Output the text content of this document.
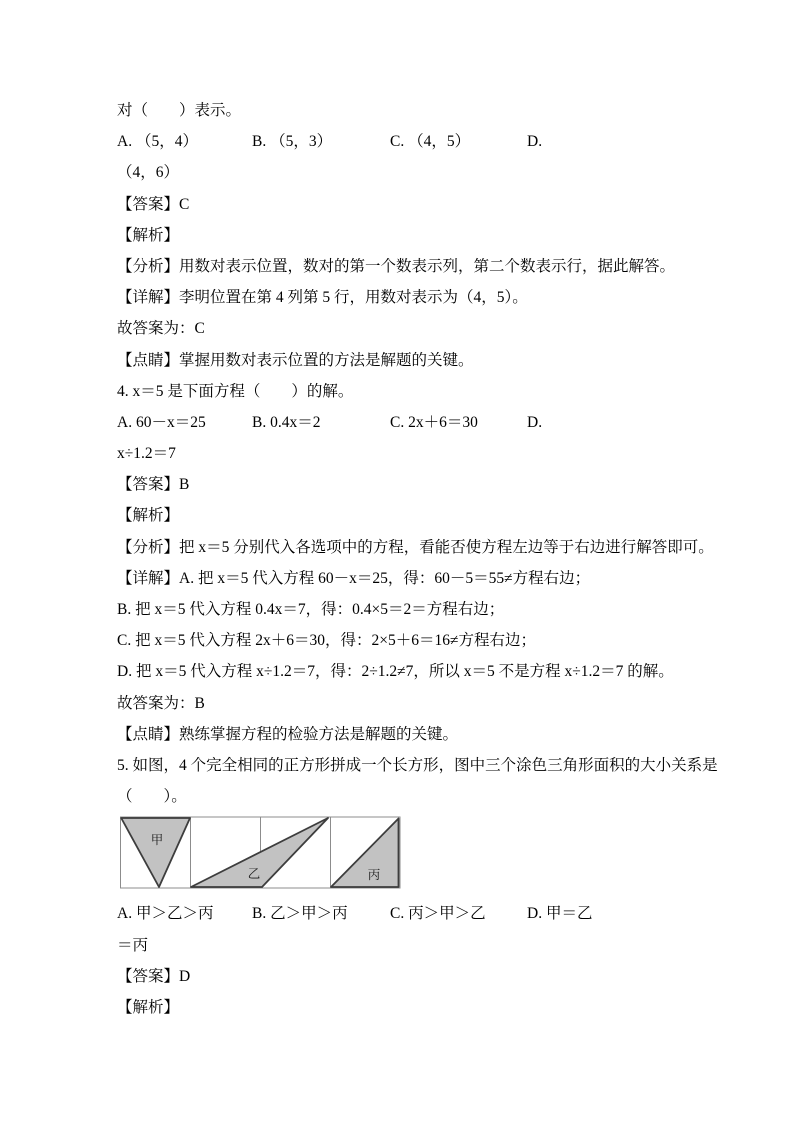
对（　　）表示。

A. （5，4）

	B. （5，3）

	C. （4，5）

	D.

（4，6）
【答案】C
【解析】
【分析】用数对表示位置，数对的第一个数表示列，第二个数表示行，据此解答。
【详解】李明位置在第 4 列第 5 行，用数对表示为（4，5）。
故答案为：C
【点睛】掌握用数对表示位置的方法是解题的关键。
4. x＝5 是下面方程（　　）的解。

A. 60－x＝25

	B. 0.4x＝2

	C. 2x＋6＝30

	D.

x÷1.2＝7
【答案】B
【解析】
【分析】把 x＝5 分别代入各选项中的方程，看能否使方程左边等于右边进行解答即可。
【详解】A. 把 x＝5 代入方程 60－x＝25，得：60－5＝55≠方程右边；
B. 把 x＝5 代入方程 0.4x＝7，得：0.4×5＝2＝方程右边；
C. 把 x＝5 代入方程 2x＋6＝30，得：2×5＋6＝16≠方程右边；
D. 把 x＝5 代入方程 x÷1.2＝7，得：2÷1.2≠7，所以 x＝5 不是方程 x÷1.2＝7 的解。
故答案为：B
【点睛】熟练掌握方程的检验方法是解题的关键。
5. 如图，4 个完全相同的正方形拼成一个长方形，图中三个涂色三角形面积的大小关系是
（　　）。
甲
乙	丙

A. 甲＞乙＞丙

B. 乙＞甲＞丙

	C. 丙＞甲＞乙

	D. 甲＝乙

＝丙
【答案】D
【解析】
